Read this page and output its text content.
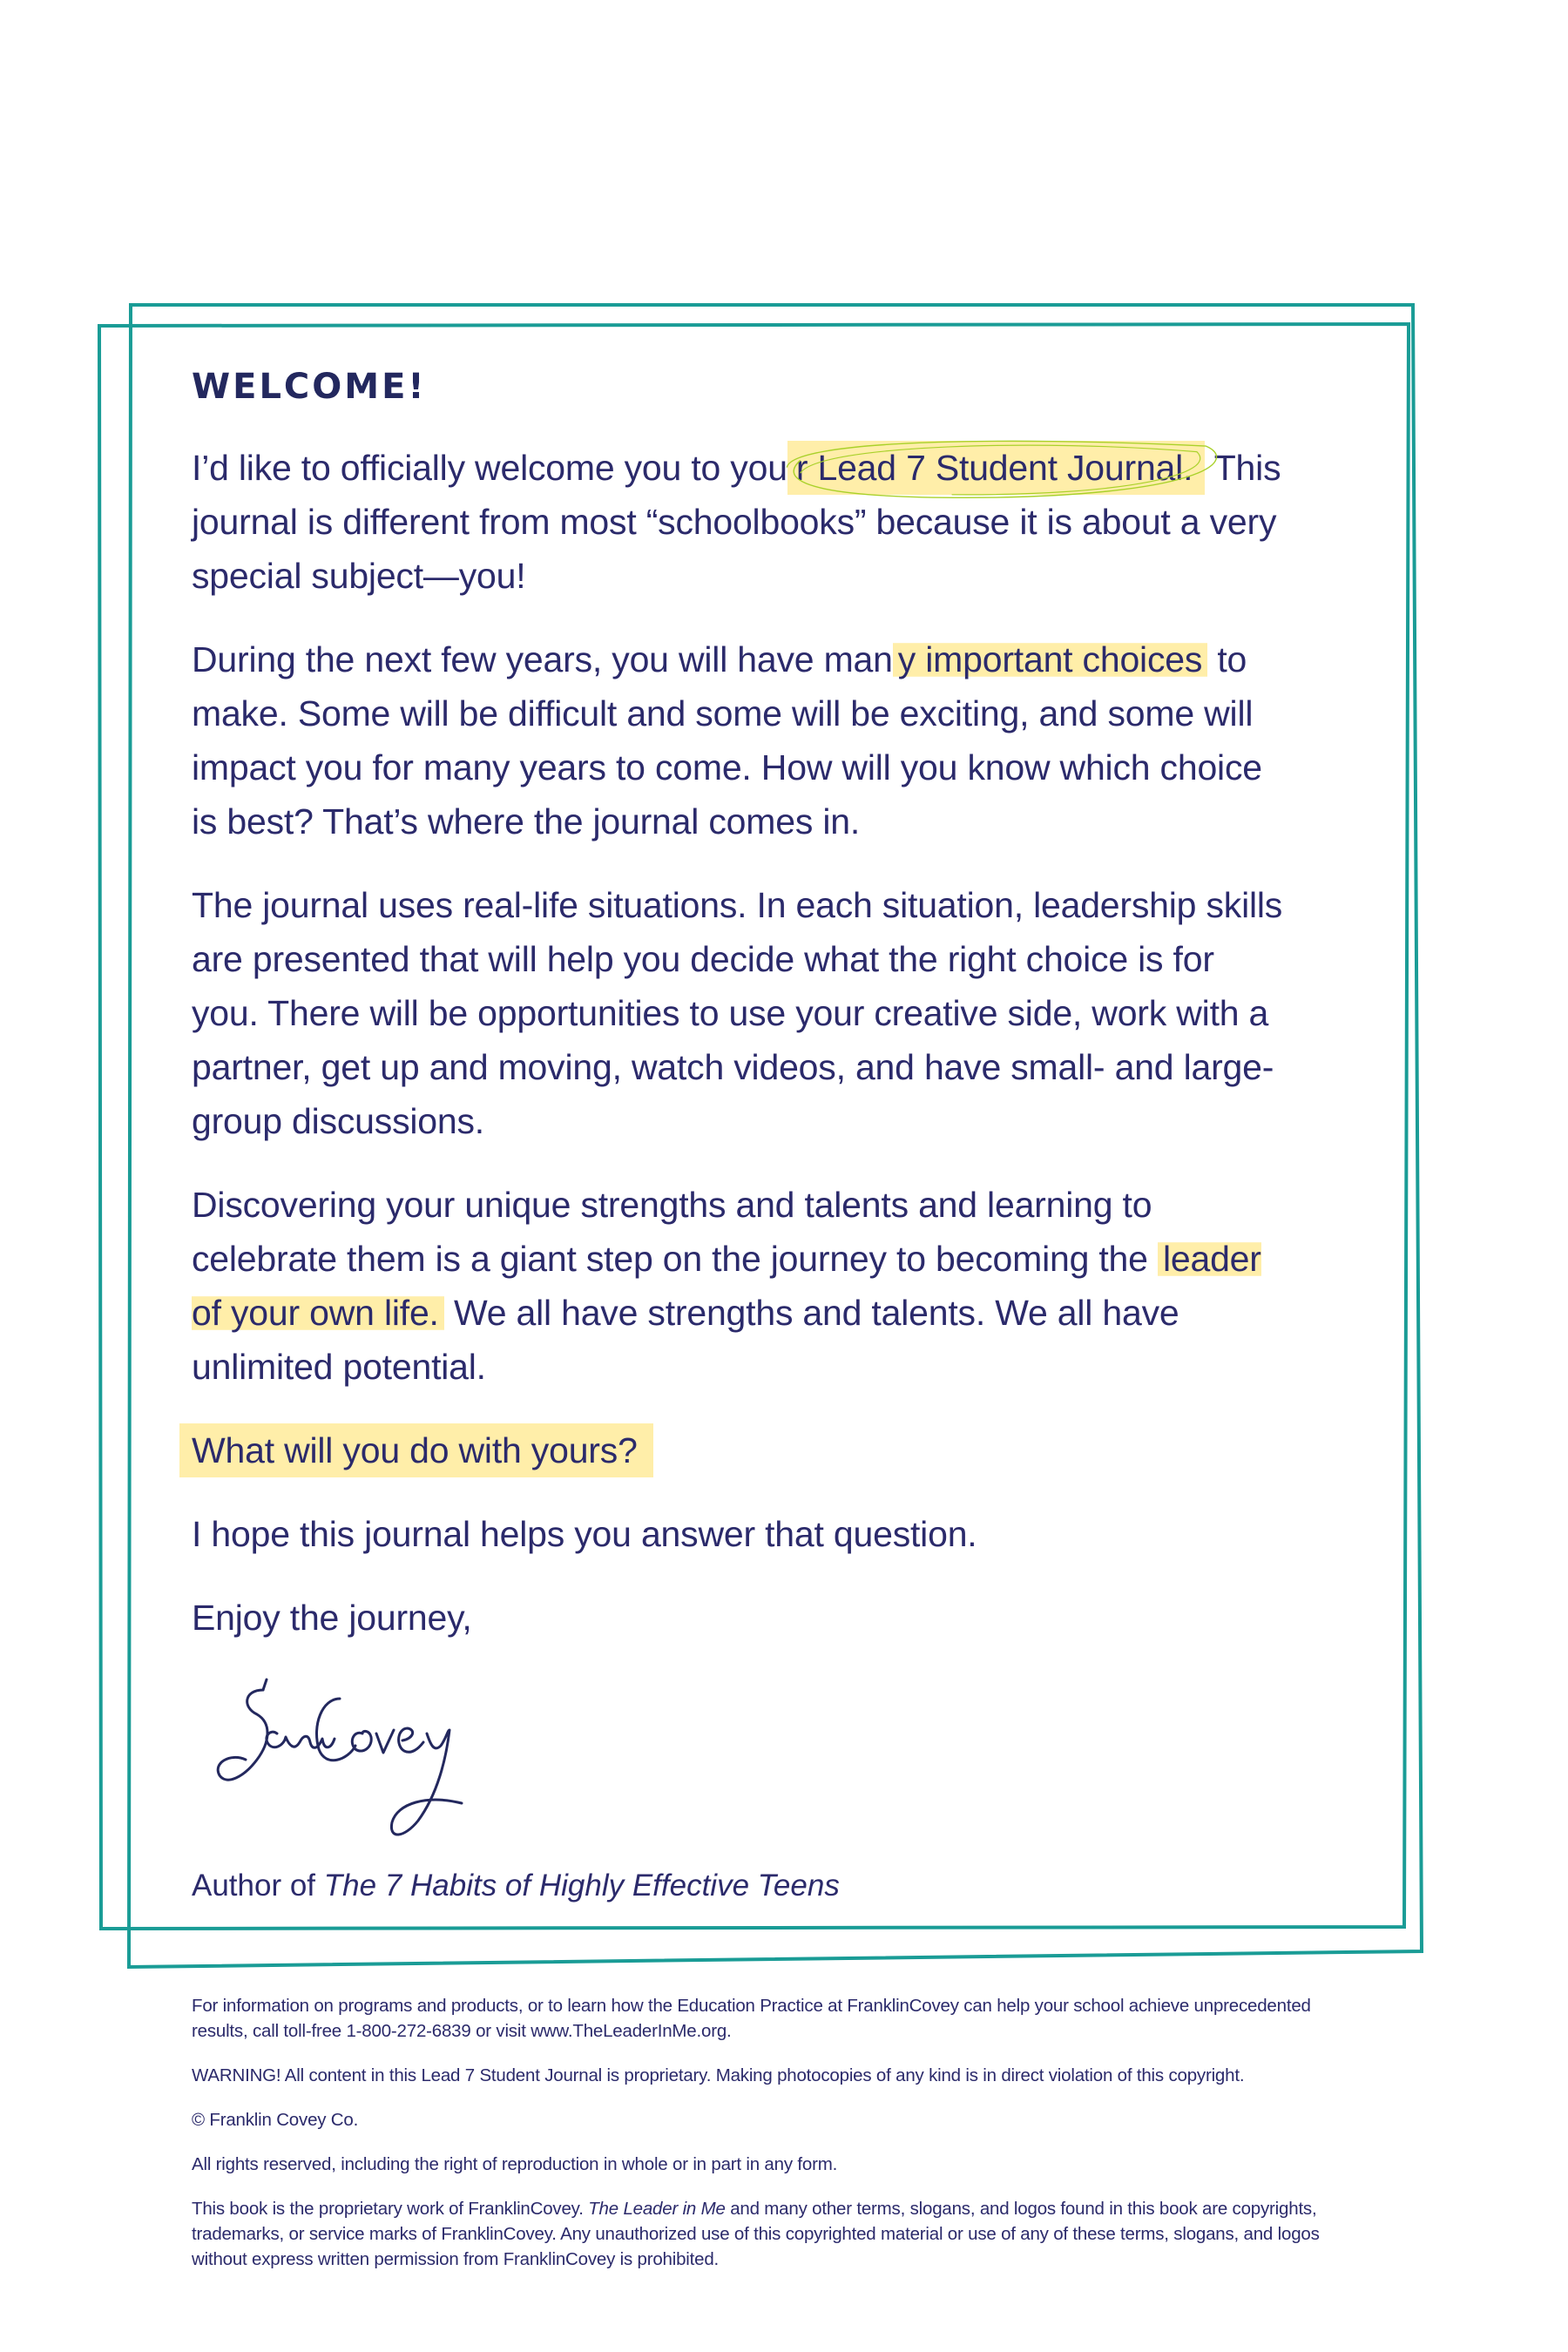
WELCOME!

I’d like to officially welcome you to you r Lead 7 Student Journal. This journal is different from most “schoolbooks” because it is about a very special subject—you!

During the next few years, you will have man y important choices to make. Some will be difficult and some will be exciting, and some will impact you for many years to come. How will you know which choice is best? That’s where the journal comes in.

The journal uses real-life situations. In each situation, leadership skills are presented that will help you decide what the right choice is for you. There will be opportunities to use your creative side, work with a partner, get up and moving, watch videos, and have small- and large-group discussions.

Discovering your unique strengths and talents and learning to celebrate them is a giant step on the journey to becoming the leader of your own life. We all have strengths and talents. We all have unlimited potential.

What will you do with yours?

I hope this journal helps you answer that question.

Enjoy the journey,

Author of The 7 Habits of Highly Effective Teens

For information on programs and products, or to learn how the Education Practice at FranklinCovey can help your school achieve unprecedented results, call toll-free 1-800-272-6839 or visit www.TheLeaderInMe.org.

WARNING! All content in this Lead 7 Student Journal is proprietary. Making photocopies of any kind is in direct violation of this copyright.

© Franklin Covey Co.

All rights reserved, including the right of reproduction in whole or in part in any form.

This book is the proprietary work of FranklinCovey. The Leader in Me and many other terms, slogans, and logos found in this book are copyrights, trademarks, or service marks of FranklinCovey. Any unauthorized use of this copyrighted material or use of any of these terms, slogans, and logos without express written permission from FranklinCovey is prohibited.
